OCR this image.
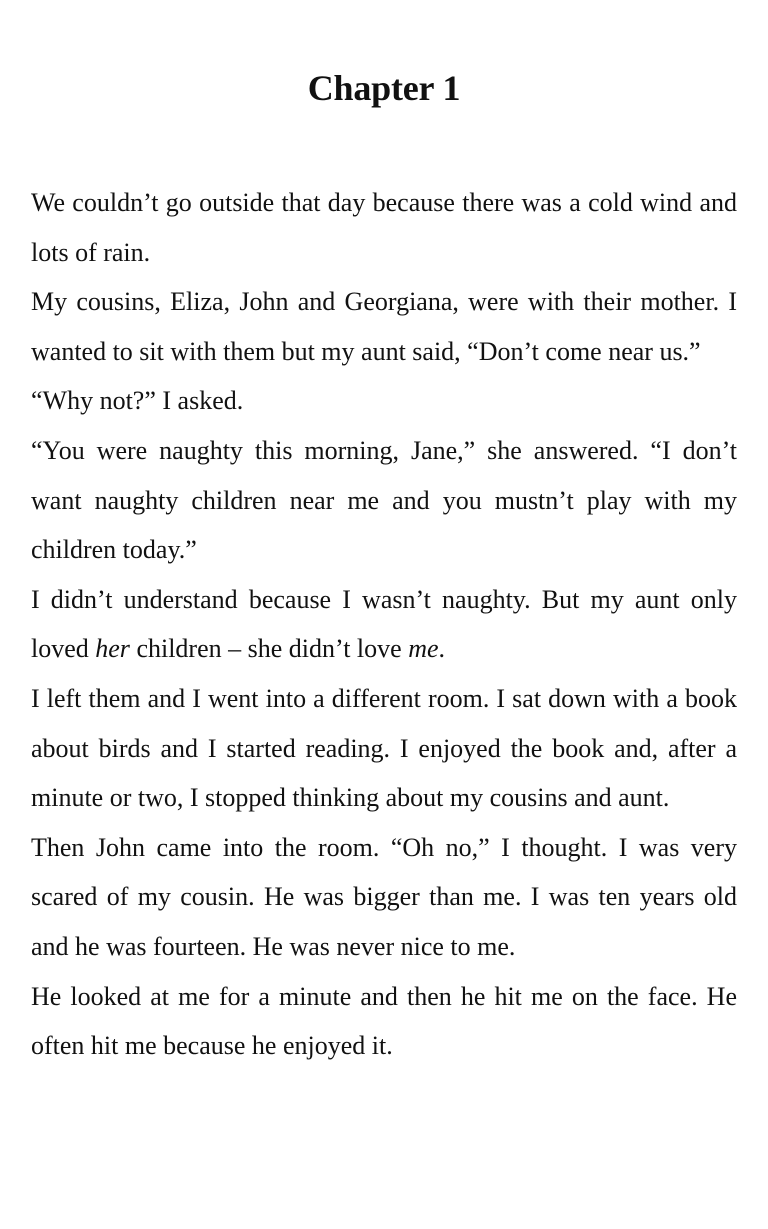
Chapter 1

We couldn’t go outside that day because there was a cold wind and lots of rain.

My cousins, Eliza, John and Georgiana, were with their mother. I wanted to sit with them but my aunt said, “Don’t come near us.”

“Why not?” I asked.

“You were naughty this morning, Jane,” she answered. “I don’t want naughty children near me and you mustn’t play with my children today.”

I didn’t understand because I wasn’t naughty. But my aunt only loved her children – she didn’t love me.

I left them and I went into a different room. I sat down with a book about birds and I started reading. I enjoyed the book and, after a minute or two, I stopped thinking about my cousins and aunt.

Then John came into the room. “Oh no,” I thought. I was very scared of my cousin. He was bigger than me. I was ten years old and he was fourteen. He was never nice to me.

He looked at me for a minute and then he hit me on the face. He often hit me because he enjoyed it.
